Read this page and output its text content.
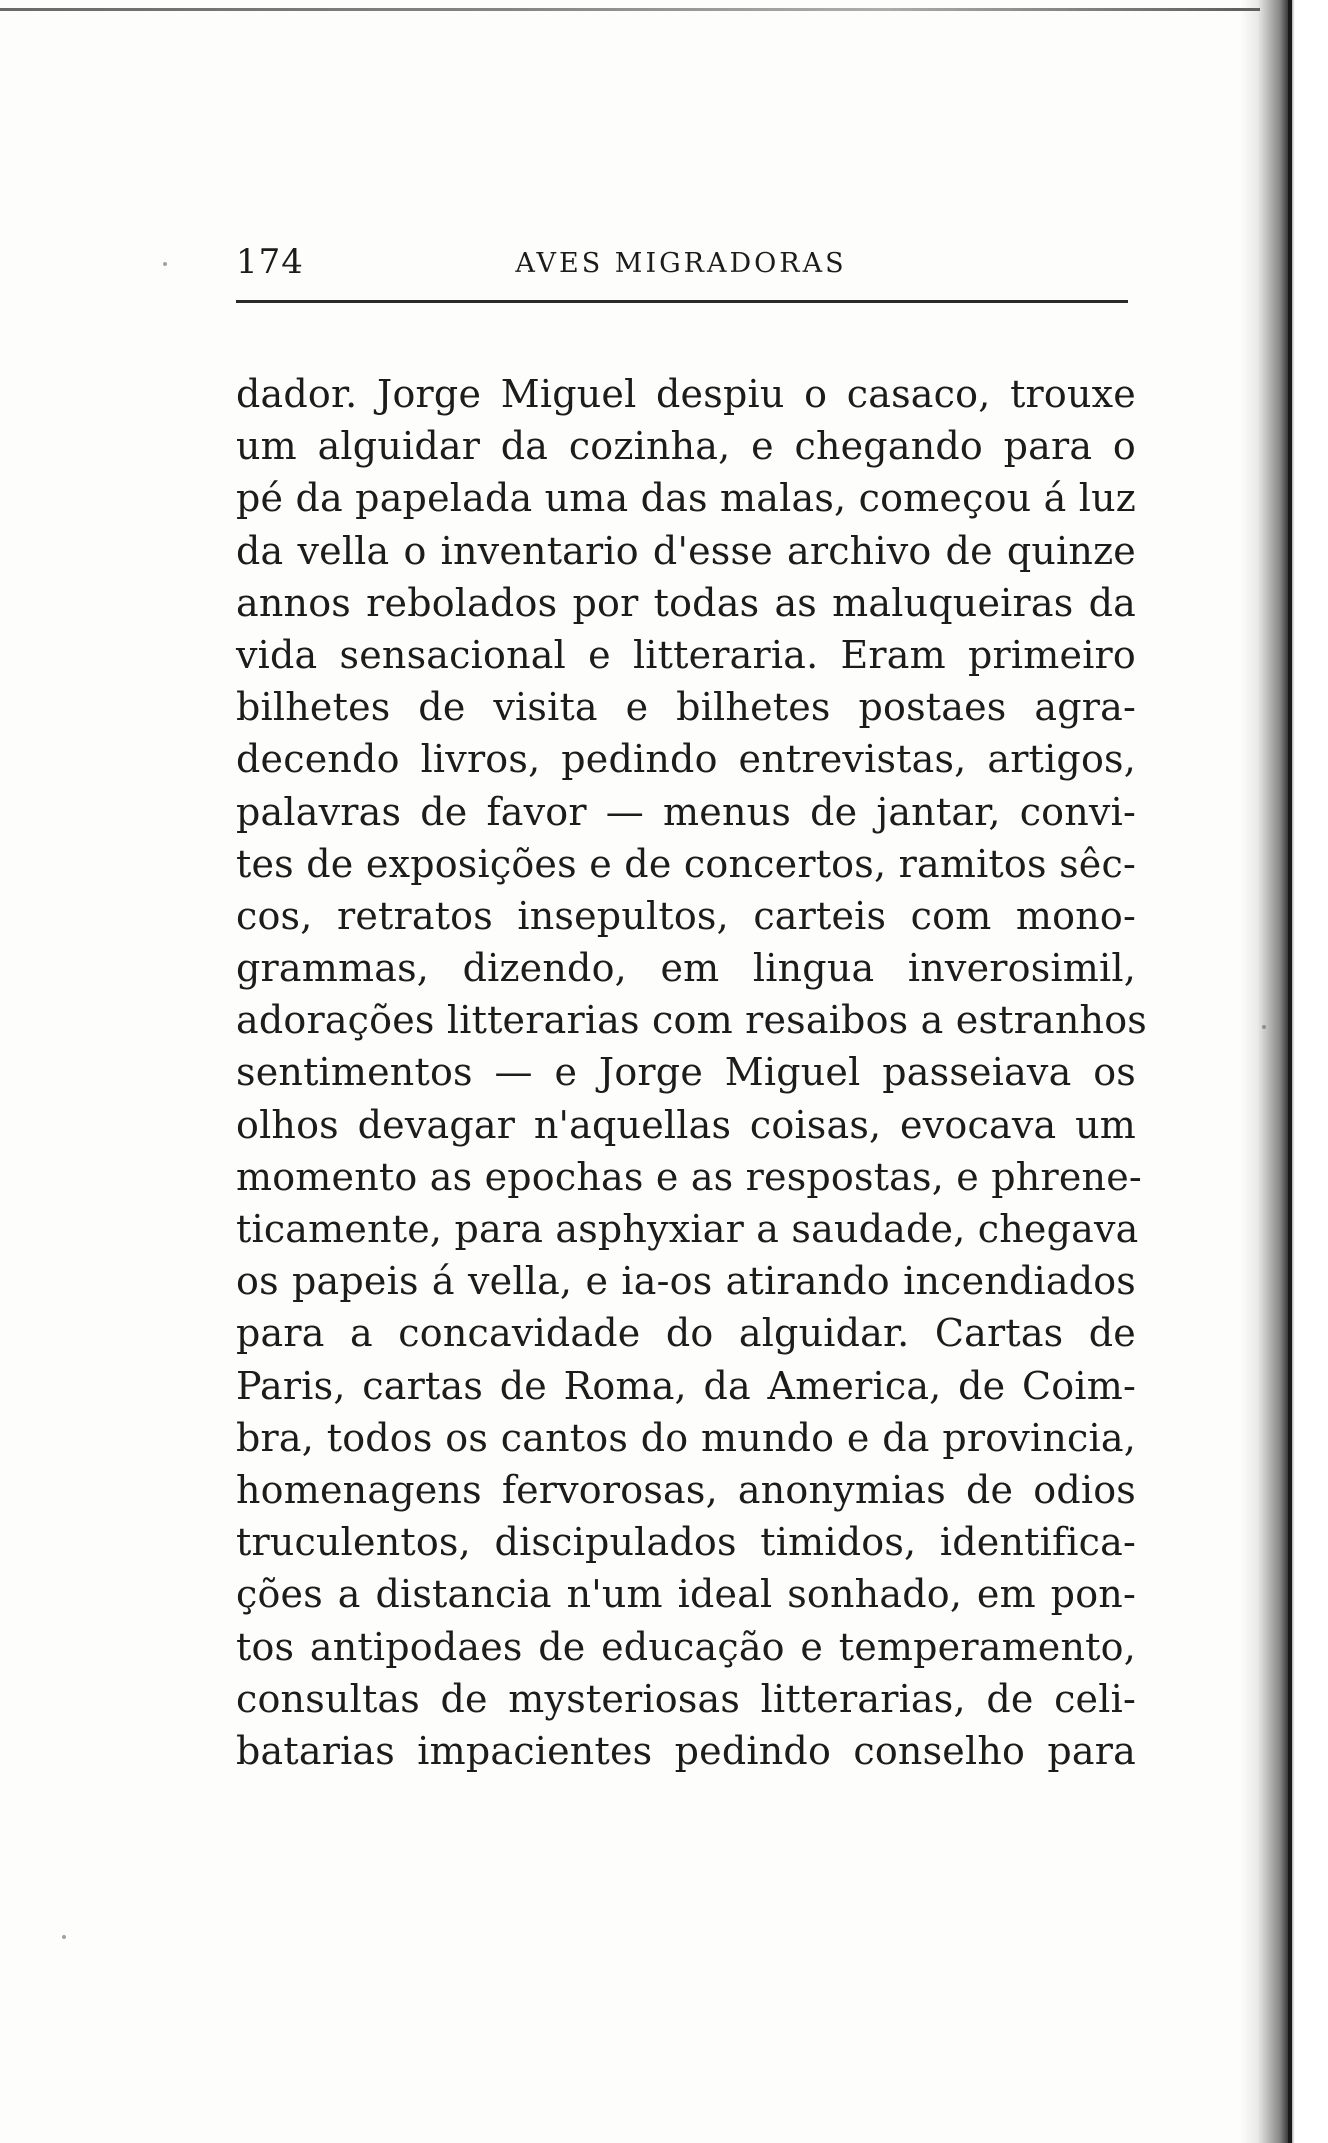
174	AVES MIGRADORAS
dador. Jorge Miguel despiu o casaco, trouxe
um alguidar da cozinha, e chegando para o
pé da papelada uma das malas, começou á luz
da vella o inventario d'esse archivo de quinze
annos rebolados por todas as maluqueiras da
vida sensacional e litteraria. Eram primeiro
bilhetes de visita e bilhetes postaes agra-
decendo livros, pedindo entrevistas, artigos,
palavras de favor — menus de jantar, convi-
tes de exposições e de concertos, ramitos sêc-
cos, retratos insepultos, carteis com mono-
grammas, dizendo, em lingua inverosimil,
adorações litterarias com resaibos a estranhos
sentimentos — e Jorge Miguel passeiava os
olhos devagar n'aquellas coisas, evocava um
momento as epochas e as respostas, e phrene-
ticamente, para asphyxiar a saudade, chegava
os papeis á vella, e ia-os atirando incendiados
para a concavidade do alguidar. Cartas de
Paris, cartas de Roma, da America, de Coim-
bra, todos os cantos do mundo e da provincia,
homenagens fervorosas, anonymias de odios
truculentos, discipulados timidos, identifica-
ções a distancia n'um ideal sonhado, em pon-
tos antipodaes de educação e temperamento,
consultas de mysteriosas litterarias, de celi-
batarias impacientes pedindo conselho para
